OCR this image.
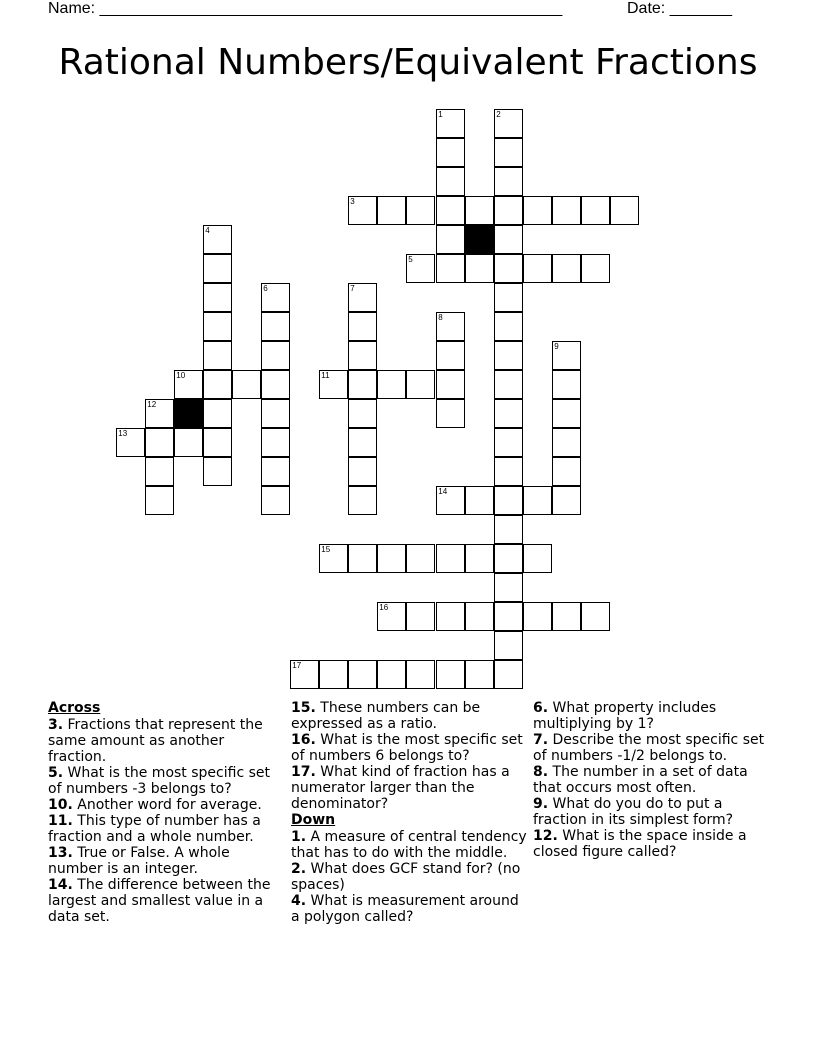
Name: ____________________________________________________	Date: _______
Rational Numbers/Equivalent Fractions
1	2
3
4
5
6	7
8
9
10	11
12
13
14
15
16
17
Across
3. Fractions that represent the same amount as another fraction.
5. What is the most specific set of numbers -3 belongs to?
10. Another word for average.
11. This type of number has a fraction and a whole number.
13. True or False. A whole number is an integer.
14. The difference between the largest and smallest value in a data set.
15. These numbers can be expressed as a ratio.
16. What is the most specific set of numbers 6 belongs to?
17. What kind of fraction has a numerator larger than the denominator?
Down
1. A measure of central tendency that has to do with the middle.
2. What does GCF stand for? (no spaces)
4. What is measurement around a polygon called?
6. What property includes multiplying by 1?
7. Describe the most specific set of numbers -1/2 belongs to.
8. The number in a set of data that occurs most often.
9. What do you do to put a fraction in its simplest form?
12. What is the space inside a closed figure called?
